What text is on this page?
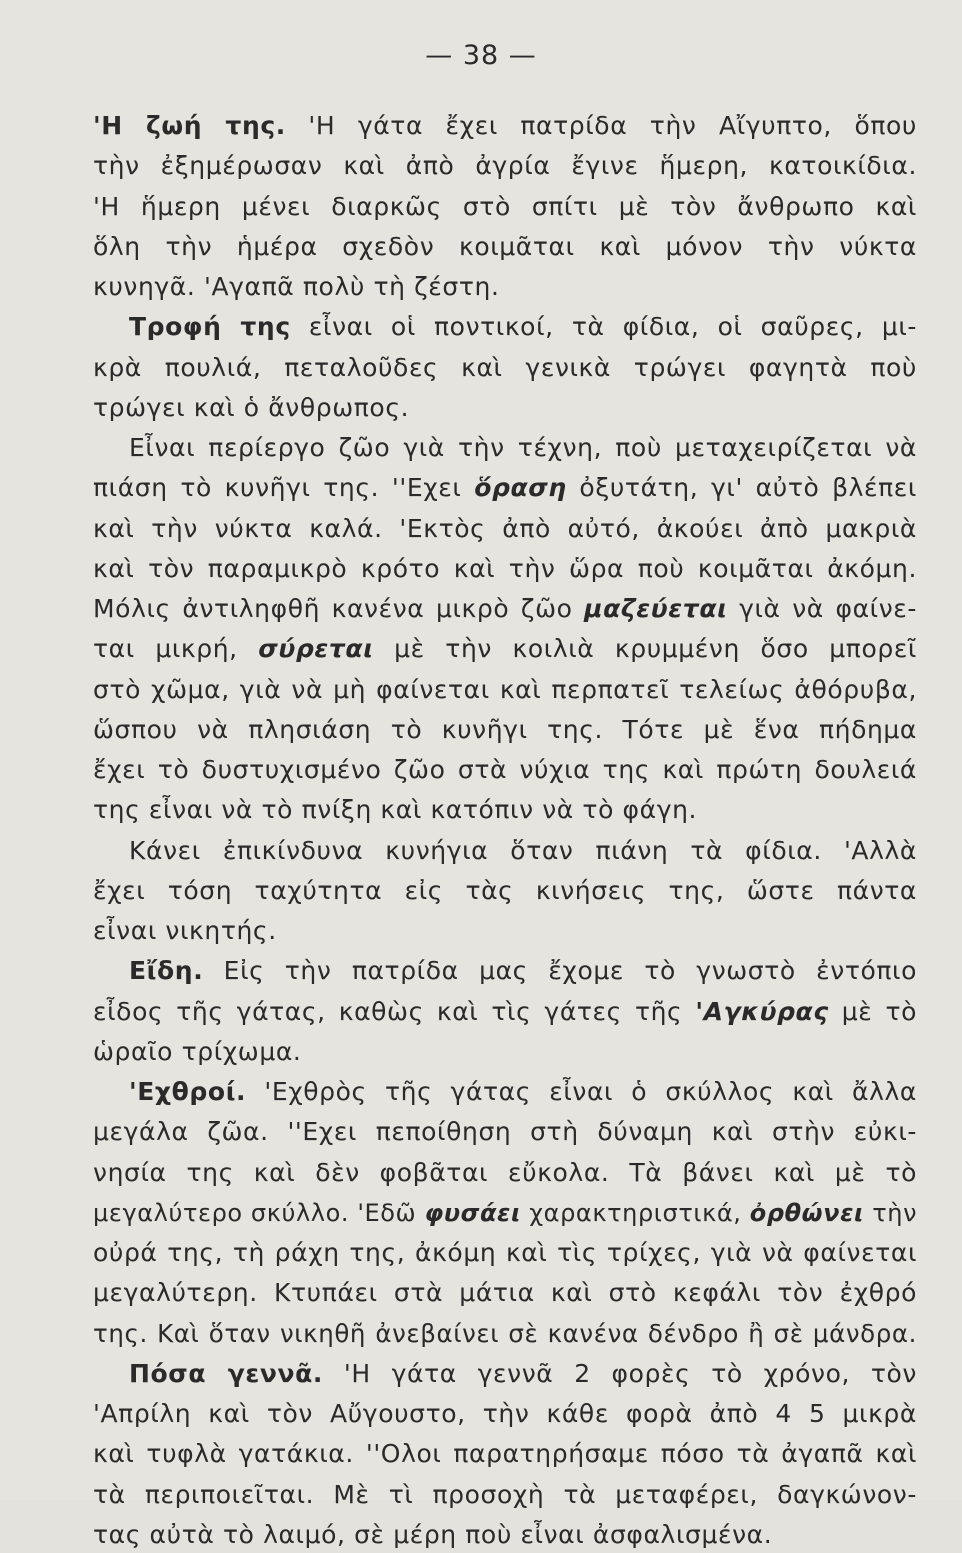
— 38 —
'Η ζωή της. 'Η γάτα ἔχει πατρίδα τὴν Αἴγυπτο, ὅπου
τὴν ἐξημέρωσαν καὶ ἀπὸ ἀγρία ἔγινε ἥμερη, κατοικίδια.
'Η ἥμερη μένει διαρκῶς στὸ σπίτι μὲ τὸν ἄνθρωπο καὶ
ὅλη τὴν ἡμέρα σχεδὸν κοιμᾶται καὶ μόνον τὴν νύκτα
κυνηγᾶ. 'Αγαπᾶ πολὺ τὴ ζέστη.
Τροφή της εἶναι οἱ ποντικοί, τὰ φίδια, οἱ σαῦρες, μι-
κρὰ πουλιά, πεταλοῦδες καὶ γενικὰ τρώγει φαγητὰ ποὺ
τρώγει καὶ ὁ ἄνθρωπος.
Εἶναι περίεργο ζῶο γιὰ τὴν τέχνη, ποὺ μεταχειρίζεται νὰ
πιάση τὸ κυνῆγι της. ''Εχει ὅραση ὀξυτάτη, γι' αὐτὸ βλέπει
καὶ τὴν νύκτα καλά. 'Εκτὸς ἀπὸ αὐτό, ἀκούει ἀπὸ μακριὰ
καὶ τὸν παραμικρὸ κρότο καὶ τὴν ὥρα ποὺ κοιμᾶται ἀκόμη.
Μόλις ἀντιληφθῆ κανένα μικρὸ ζῶο μαζεύεται γιὰ νὰ φαίνε-
ται μικρή, σύρεται μὲ τὴν κοιλιὰ κρυμμένη ὅσο μπορεῖ
στὸ χῶμα, γιὰ νὰ μὴ φαίνεται καὶ περπατεῖ τελείως ἀθόρυβα,
ὥσπου νὰ πλησιάση τὸ κυνῆγι της. Τότε μὲ ἕνα πήδημα
ἔχει τὸ δυστυχισμένο ζῶο στὰ νύχια της καὶ πρώτη δουλειά
της εἶναι νὰ τὸ πνίξη καὶ κατόπιν νὰ τὸ φάγη.
Κάνει ἐπικίνδυνα κυνήγια ὅταν πιάνη τὰ φίδια. 'Αλλὰ
ἔχει τόση ταχύτητα εἰς τὰς κινήσεις της, ὥστε πάντα
εἶναι νικητής.
Εἴδη. Εἰς τὴν πατρίδα μας ἔχομε τὸ γνωστὸ ἐντόπιο
εἶδος τῆς γάτας, καθὼς καὶ τὶς γάτες τῆς 'Αγκύρας μὲ τὸ
ὡραῖο τρίχωμα.
'Εχθροί. 'Εχθρὸς τῆς γάτας εἶναι ὁ σκύλλος καὶ ἄλλα
μεγάλα ζῶα. ''Εχει πεποίθηση στὴ δύναμη καὶ στὴν εὐκι-
νησία της καὶ δὲν φοβᾶται εὔκολα. Τὰ βάνει καὶ μὲ τὸ
μεγαλύτερο σκύλλο. 'Εδῶ φυσάει χαρακτηριστικά, ὀρθώνει τὴν
οὐρά της, τὴ ράχη της, ἀκόμη καὶ τὶς τρίχες, γιὰ νὰ φαίνεται
μεγαλύτερη. Κτυπάει στὰ μάτια καὶ στὸ κεφάλι τὸν ἐχθρό
της. Καὶ ὅταν νικηθῆ ἀνεβαίνει σὲ κανένα δένδρο ἢ σὲ μάνδρα.
Πόσα γεννᾶ. 'Η γάτα γεννᾶ 2 φορὲς τὸ χρόνο, τὸν
'Απρίλη καὶ τὸν Αὔγουστο, τὴν κάθε φορὰ ἀπὸ 4 5 μικρὰ
καὶ τυφλὰ γατάκια. ''Ολοι παρατηρήσαμε πόσο τὰ ἀγαπᾶ καὶ
τὰ περιποιεῖται. Μὲ τὶ προσοχὴ τὰ μεταφέρει, δαγκώνον-
τας αὐτὰ τὸ λαιμό, σὲ μέρη ποὺ εἶναι ἀσφαλισμένα.
